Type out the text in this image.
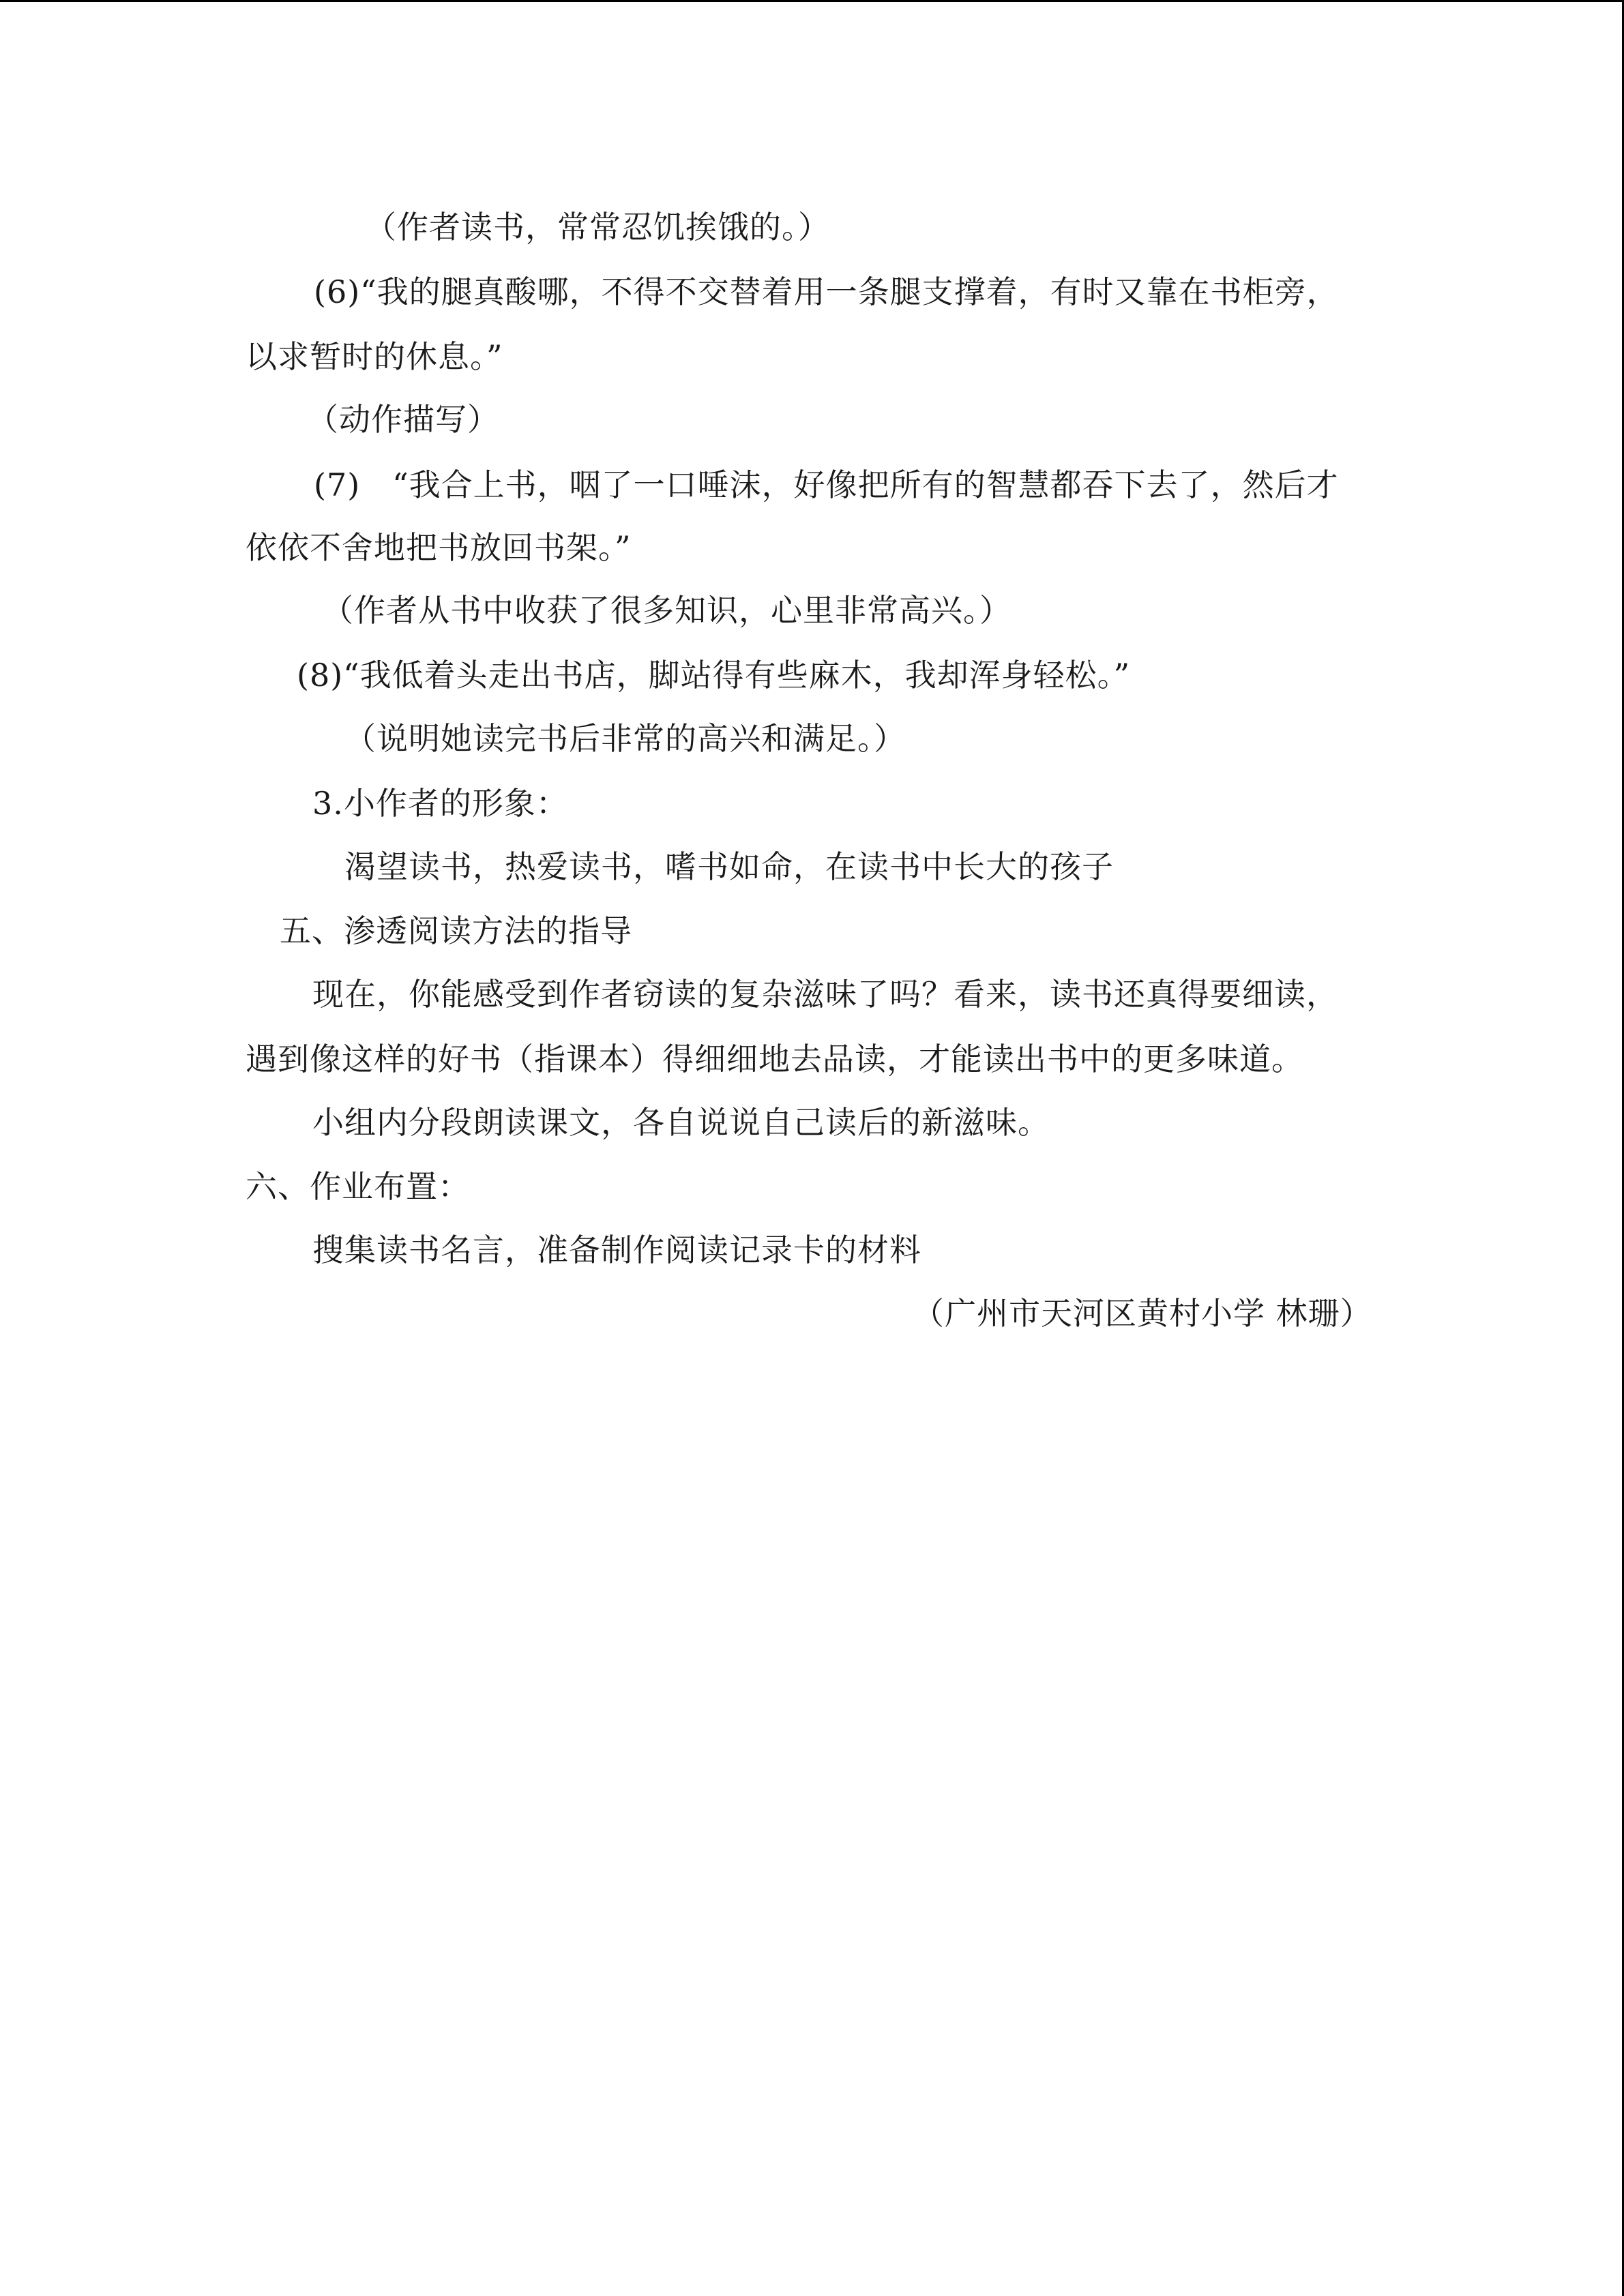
（作者读书，常常忍饥挨饿的。）
(6)“我的腿真酸哪，不得不交替着用一条腿支撑着，有时又靠在书柜旁，
以求暂时的休息。”
（动作描写）
(7)　“我合上书，咽了一口唾沫，好像把所有的智慧都吞下去了，然后才
依依不舍地把书放回书架。”
（作者从书中收获了很多知识，心里非常高兴。）
(8)“我低着头走出书店，脚站得有些麻木，我却浑身轻松。”
（说明她读完书后非常的高兴和满足。）
3.小作者的形象：
渴望读书，热爱读书，嗜书如命，在读书中长大的孩子
五、渗透阅读方法的指导
现在，你能感受到作者窃读的复杂滋味了吗？看来，读书还真得要细读，
遇到像这样的好书（指课本）得细细地去品读，才能读出书中的更多味道。
小组内分段朗读课文，各自说说自己读后的新滋味。
六、作业布置：
搜集读书名言，准备制作阅读记录卡的材料
（广州市天河区黄村小学 林珊）
